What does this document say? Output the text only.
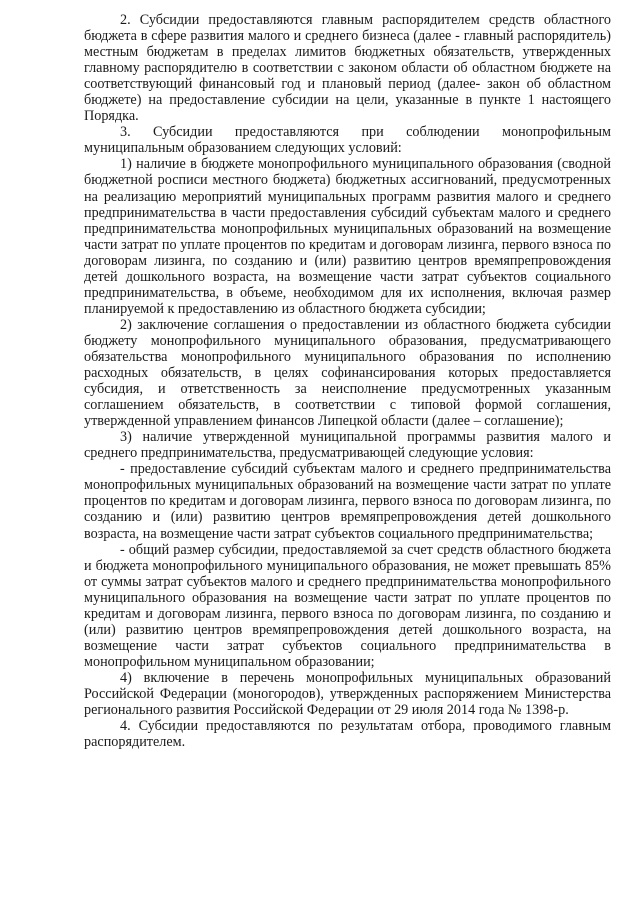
2. Субсидии предоставляются главным распорядителем средств областного бюджета в сфере развития малого и среднего бизнеса (далее - главный распорядитель) местным бюджетам в пределах лимитов бюджетных обязательств, утвержденных главному распорядителю в соответствии с законом области об областном бюджете на соответствующий финансовый год и плановый период (далее- закон об областном бюджете) на предоставление субсидии на цели, указанные в пункте 1 настоящего Порядка.

3. Субсидии предоставляются при соблюдении монопрофильным муниципальным образованием следующих условий:

1) наличие в бюджете монопрофильного муниципального образования (сводной бюджетной росписи местного бюджета) бюджетных ассигнований, предусмотренных на реализацию мероприятий муниципальных программ развития малого и среднего предпринимательства в части предоставления субсидий субъектам малого и среднего предпринимательства монопрофильных муниципальных образований на возмещение части затрат по уплате процентов по кредитам и договорам лизинга, первого взноса по договорам лизинга, по созданию и (или) развитию центров времяпрепровождения детей дошкольного возраста, на возмещение части затрат субъектов социального предпринимательства, в объеме, необходимом для их исполнения, включая размер планируемой к предоставлению из областного бюджета субсидии;

2) заключение соглашения о предоставлении из областного бюджета субсидии бюджету монопрофильного муниципального образования, предусматривающего обязательства монопрофильного муниципального образования по исполнению расходных обязательств, в целях софинансирования которых предоставляется субсидия, и ответственность за неисполнение предусмотренных указанным соглашением обязательств, в соответствии с типовой формой соглашения, утвержденной управлением финансов Липецкой области (далее – соглашение);

3) наличие утвержденной муниципальной программы развития малого и среднего предпринимательства, предусматривающей следующие условия:

- предоставление субсидий субъектам малого и среднего предпринимательства монопрофильных муниципальных образований на возмещение части затрат по уплате процентов по кредитам и договорам лизинга, первого взноса по договорам лизинга, по созданию и (или) развитию центров времяпрепровождения детей дошкольного возраста, на возмещение части затрат субъектов социального предпринимательства;

- общий размер субсидии, предоставляемой за счет средств областного бюджета и бюджета монопрофильного муниципального образования, не может превышать 85% от суммы затрат субъектов малого и среднего предпринимательства монопрофильного муниципального образования на возмещение части затрат по уплате процентов по кредитам и договорам лизинга, первого взноса по договорам лизинга, по созданию и (или) развитию центров времяпрепровождения детей дошкольного возраста, на возмещение части затрат субъектов социального предпринимательства в монопрофильном муниципальном образовании;

4) включение в перечень монопрофильных муниципальных образований Российской Федерации (моногородов), утвержденных распоряжением Министерства регионального развития Российской Федерации от 29 июля 2014 года № 1398-р.

4. Субсидии предоставляются по результатам отбора, проводимого главным распорядителем.
